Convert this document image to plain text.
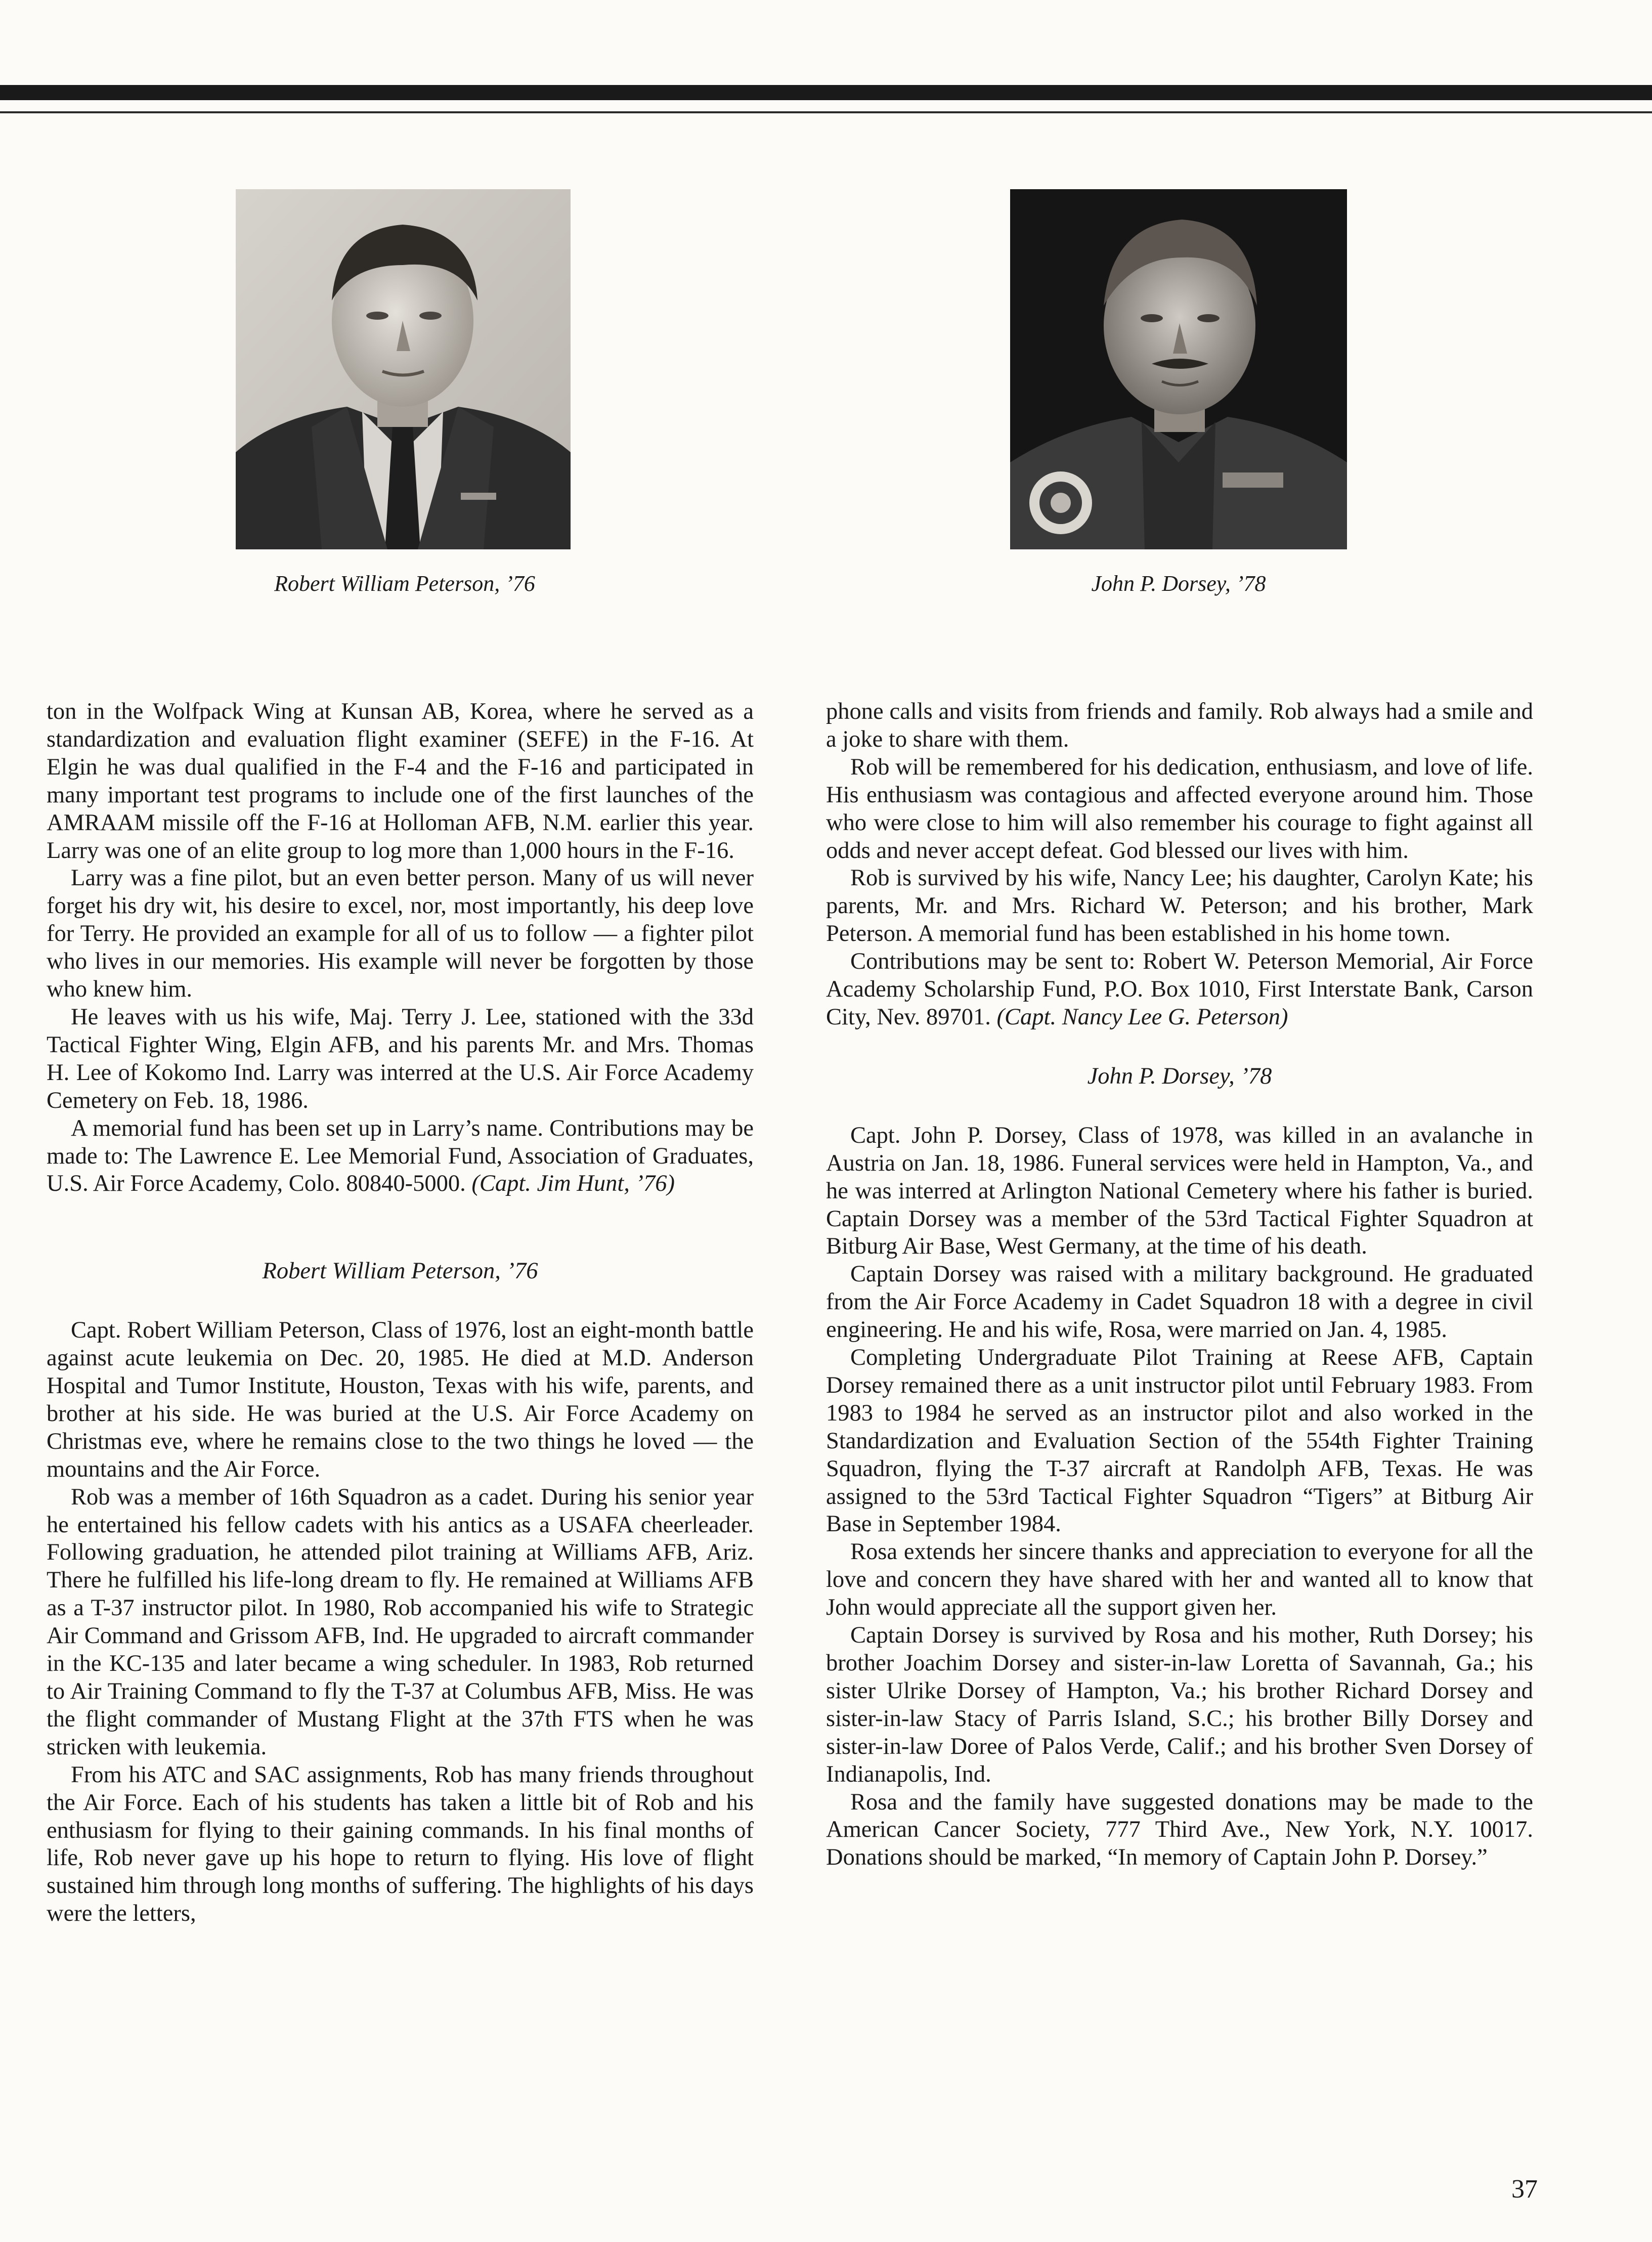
Robert William Peterson, ’76	John P. Dorsey, ’78

ton in the Wolfpack Wing at Kunsan AB, Korea, where he served as a standardization and evaluation flight examiner (SEFE) in the F-16. At Elgin he was dual qualified in the F-4 and the F-16 and participated in many important test programs to include one of the first launches of the AMRAAM missile off the F-16 at Holloman AFB, N.M. earlier this year. Larry was one of an elite group to log more than 1,000 hours in the F-16.

Larry was a fine pilot, but an even better person. Many of us will never forget his dry wit, his desire to excel, nor, most importantly, his deep love for Terry. He provided an example for all of us to follow — a fighter pilot who lives in our memories. His example will never be forgotten by those who knew him.

He leaves with us his wife, Maj. Terry J. Lee, stationed with the 33d Tactical Fighter Wing, Elgin AFB, and his parents Mr. and Mrs. Thomas H. Lee of Kokomo Ind. Larry was interred at the U.S. Air Force Academy Cemetery on Feb. 18, 1986.

A memorial fund has been set up in Larry’s name. Contributions may be made to: The Lawrence E. Lee Memorial Fund, Association of Graduates, U.S. Air Force Academy, Colo. 80840-5000. (Capt. Jim Hunt, ’76)

Robert William Peterson, ’76

Capt. Robert William Peterson, Class of 1976, lost an eight-month battle against acute leukemia on Dec. 20, 1985. He died at M.D. Anderson Hospital and Tumor Institute, Houston, Texas with his wife, parents, and brother at his side. He was buried at the U.S. Air Force Academy on Christmas eve, where he remains close to the two things he loved — the mountains and the Air Force.

Rob was a member of 16th Squadron as a cadet. During his senior year he entertained his fellow cadets with his antics as a USAFA cheerleader. Following graduation, he attended pilot training at Williams AFB, Ariz. There he fulfilled his life-long dream to fly. He remained at Williams AFB as a T-37 instructor pilot. In 1980, Rob accompanied his wife to Strategic Air Command and Grissom AFB, Ind. He upgraded to aircraft commander in the KC-135 and later became a wing scheduler. In 1983, Rob returned to Air Training Command to fly the T-37 at Columbus AFB, Miss. He was the flight commander of Mustang Flight at the 37th FTS when he was stricken with leukemia.

From his ATC and SAC assignments, Rob has many friends throughout the Air Force. Each of his students has taken a little bit of Rob and his enthusiasm for flying to their gaining commands. In his final months of life, Rob never gave up his hope to return to flying. His love of flight sustained him through long months of suffering. The highlights of his days were the letters,

phone calls and visits from friends and family. Rob always had a smile and a joke to share with them.

Rob will be remembered for his dedication, enthusiasm, and love of life. His enthusiasm was contagious and affected everyone around him. Those who were close to him will also remember his courage to fight against all odds and never accept defeat. God blessed our lives with him.

Rob is survived by his wife, Nancy Lee; his daughter, Carolyn Kate; his parents, Mr. and Mrs. Richard W. Peterson; and his brother, Mark Peterson. A memorial fund has been established in his home town.

Contributions may be sent to: Robert W. Peterson Memorial, Air Force Academy Scholarship Fund, P.O. Box 1010, First Interstate Bank, Carson City, Nev. 89701. (Capt. Nancy Lee G. Peterson)

John P. Dorsey, ’78

Capt. John P. Dorsey, Class of 1978, was killed in an avalanche in Austria on Jan. 18, 1986. Funeral services were held in Hampton, Va., and he was interred at Arlington National Cemetery where his father is buried. Captain Dorsey was a member of the 53rd Tactical Fighter Squadron at Bitburg Air Base, West Germany, at the time of his death.

Captain Dorsey was raised with a military background. He graduated from the Air Force Academy in Cadet Squadron 18 with a degree in civil engineering. He and his wife, Rosa, were married on Jan. 4, 1985.

Completing Undergraduate Pilot Training at Reese AFB, Captain Dorsey remained there as a unit instructor pilot until February 1983. From 1983 to 1984 he served as an instructor pilot and also worked in the Standardization and Evaluation Section of the 554th Fighter Training Squadron, flying the T-37 aircraft at Randolph AFB, Texas. He was assigned to the 53rd Tactical Fighter Squadron “Tigers” at Bitburg Air Base in September 1984.

Rosa extends her sincere thanks and appreciation to everyone for all the love and concern they have shared with her and wanted all to know that John would appreciate all the support given her.

Captain Dorsey is survived by Rosa and his mother, Ruth Dorsey; his brother Joachim Dorsey and sister-in-law Loretta of Savannah, Ga.; his sister Ulrike Dorsey of Hampton, Va.; his brother Richard Dorsey and sister-in-law Stacy of Parris Island, S.C.; his brother Billy Dorsey and sister-in-law Doree of Palos Verde, Calif.; and his brother Sven Dorsey of Indianapolis, Ind.

Rosa and the family have suggested donations may be made to the American Cancer Society, 777 Third Ave., New York, N.Y. 10017. Donations should be marked, “In memory of Captain John P. Dorsey.”

37
